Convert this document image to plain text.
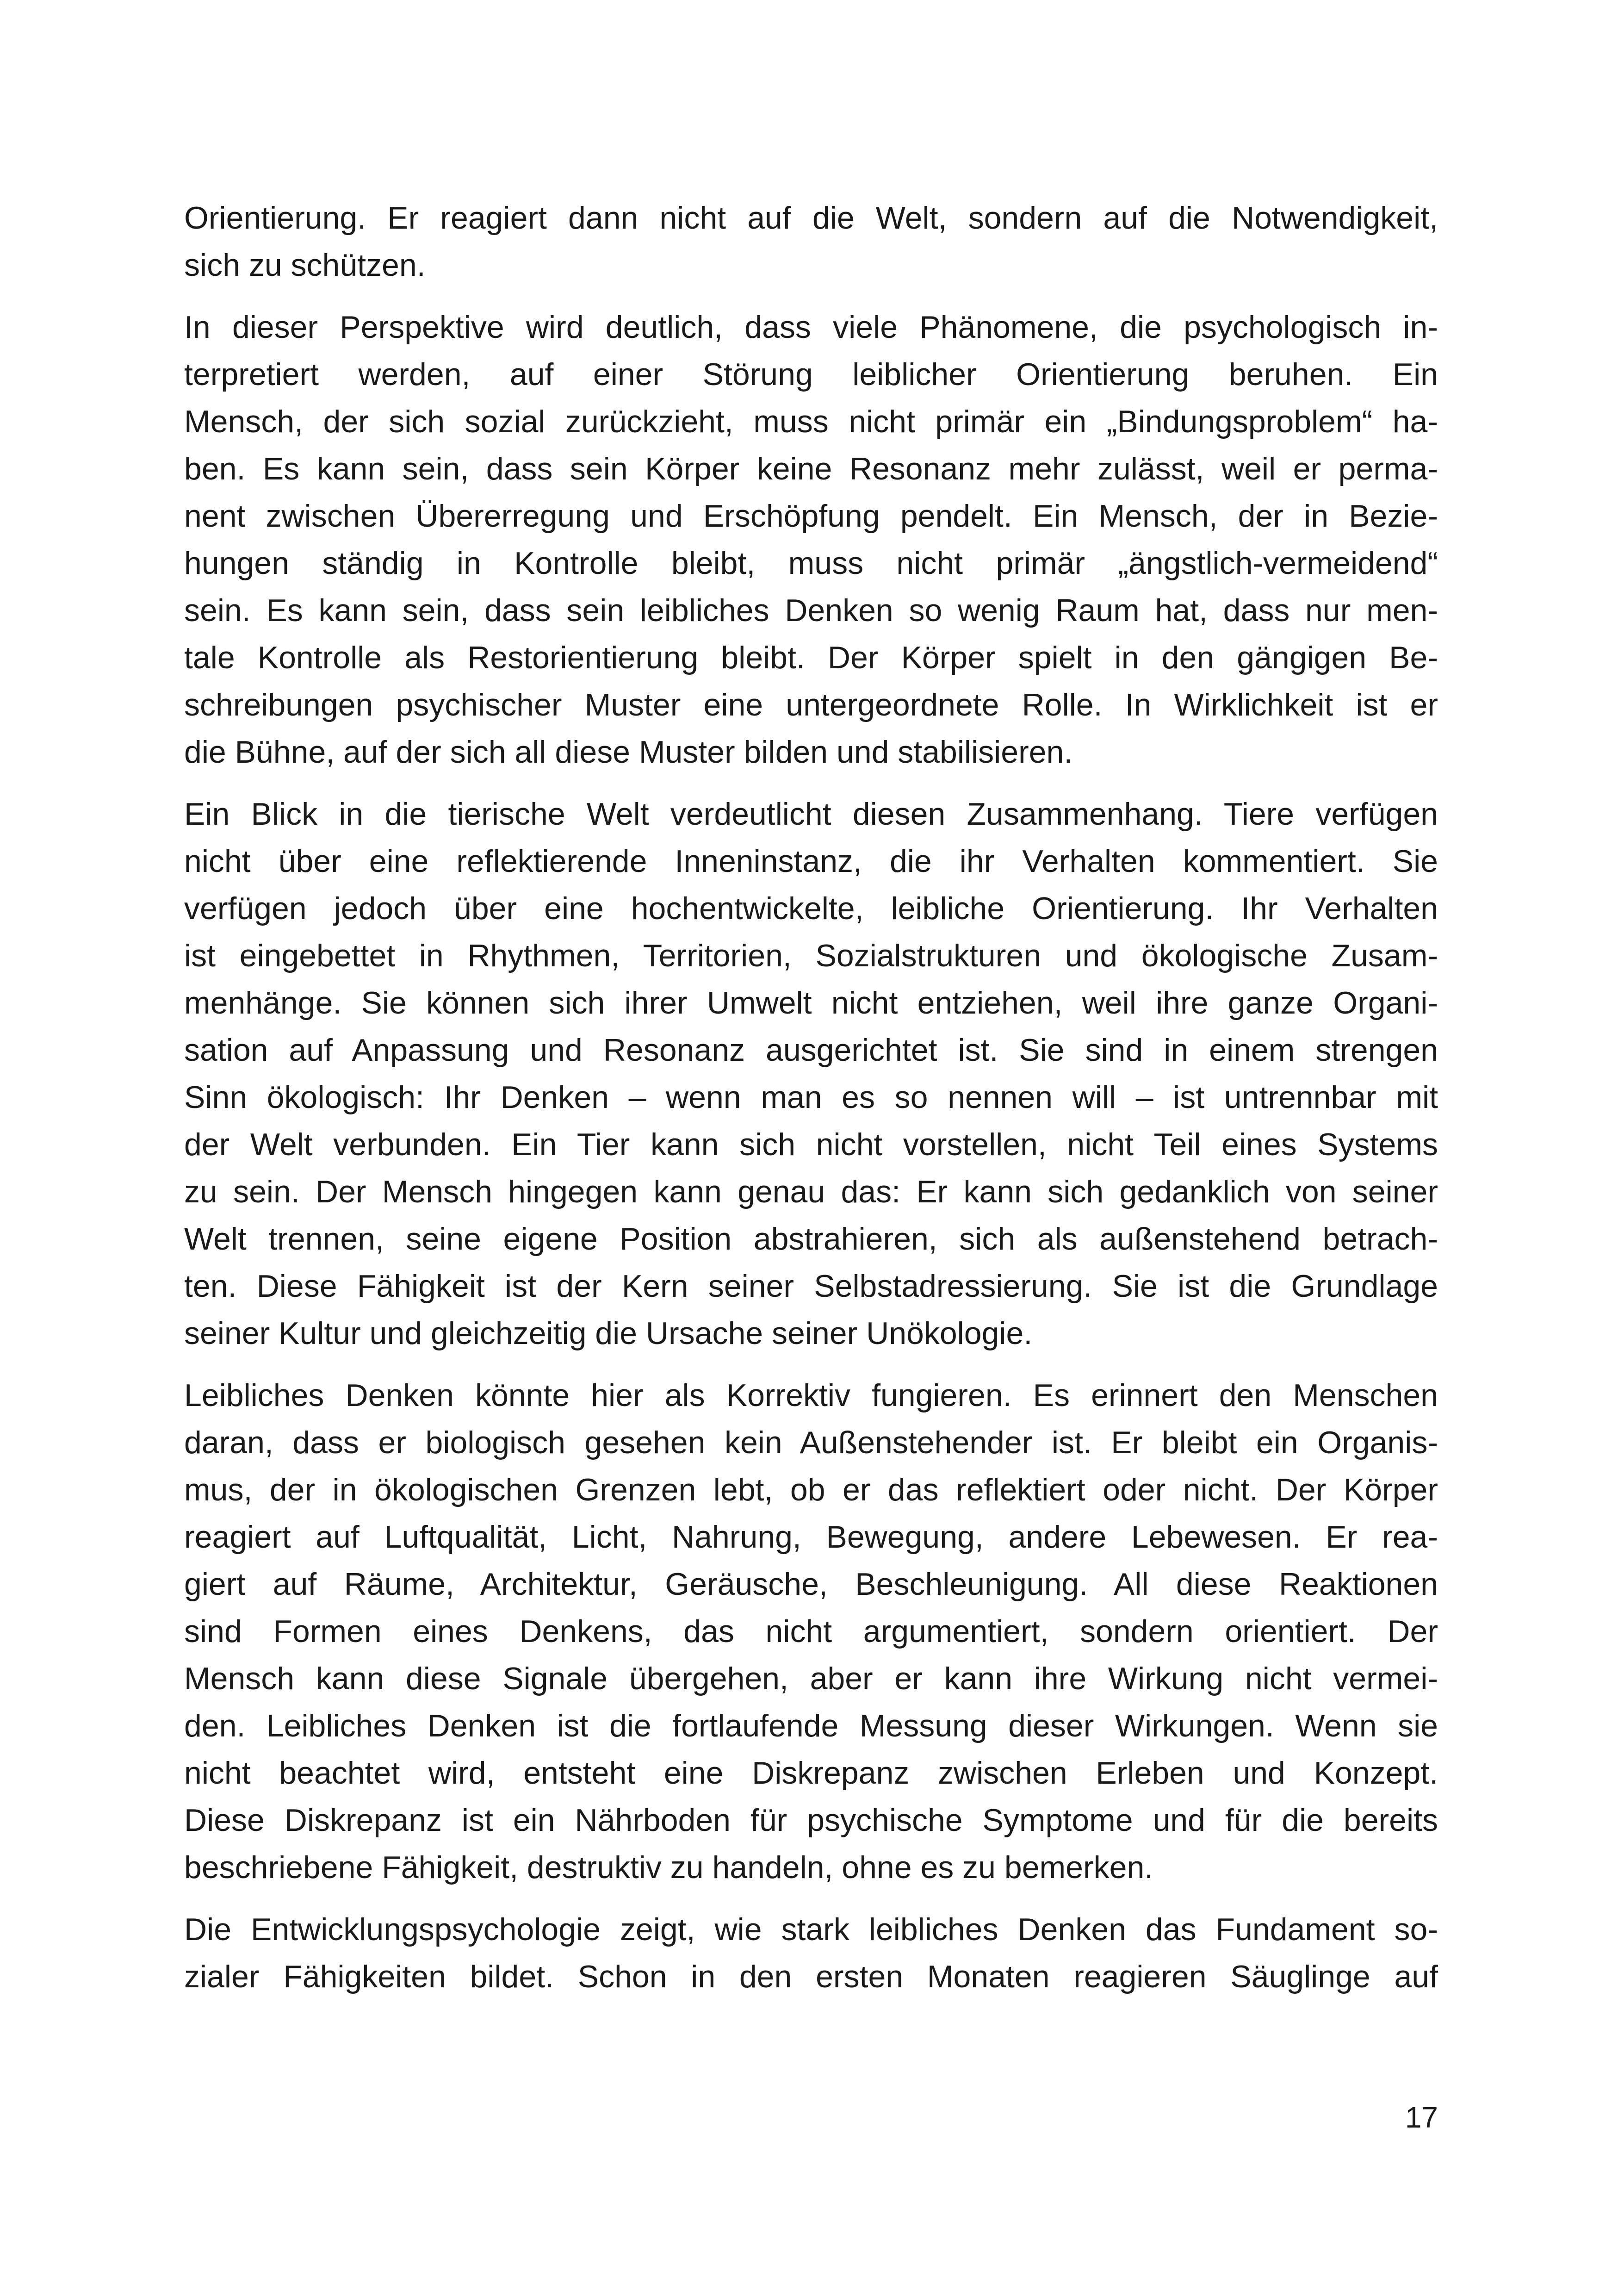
Orientierung. Er reagiert dann nicht auf die Welt, sondern auf die Notwendigkeit,
sich zu schützen.
In dieser Perspektive wird deutlich, dass viele Phänomene, die psychologisch in-
terpretiert werden, auf einer Störung leiblicher Orientierung beruhen. Ein
Mensch, der sich sozial zurückzieht, muss nicht primär ein „Bindungsproblem“ ha-
ben. Es kann sein, dass sein Körper keine Resonanz mehr zulässt, weil er perma-
nent zwischen Übererregung und Erschöpfung pendelt. Ein Mensch, der in Bezie-
hungen ständig in Kontrolle bleibt, muss nicht primär „ängstlich-vermeidend“
sein. Es kann sein, dass sein leibliches Denken so wenig Raum hat, dass nur men-
tale Kontrolle als Restorientierung bleibt. Der Körper spielt in den gängigen Be-
schreibungen psychischer Muster eine untergeordnete Rolle. In Wirklichkeit ist er
die Bühne, auf der sich all diese Muster bilden und stabilisieren.
Ein Blick in die tierische Welt verdeutlicht diesen Zusammenhang. Tiere verfügen
nicht über eine reflektierende Inneninstanz, die ihr Verhalten kommentiert. Sie
verfügen jedoch über eine hochentwickelte, leibliche Orientierung. Ihr Verhalten
ist eingebettet in Rhythmen, Territorien, Sozialstrukturen und ökologische Zusam-
menhänge. Sie können sich ihrer Umwelt nicht entziehen, weil ihre ganze Organi-
sation auf Anpassung und Resonanz ausgerichtet ist. Sie sind in einem strengen
Sinn ökologisch: Ihr Denken – wenn man es so nennen will – ist untrennbar mit
der Welt verbunden. Ein Tier kann sich nicht vorstellen, nicht Teil eines Systems
zu sein. Der Mensch hingegen kann genau das: Er kann sich gedanklich von seiner
Welt trennen, seine eigene Position abstrahieren, sich als außenstehend betrach-
ten. Diese Fähigkeit ist der Kern seiner Selbstadressierung. Sie ist die Grundlage
seiner Kultur und gleichzeitig die Ursache seiner Unökologie.
Leibliches Denken könnte hier als Korrektiv fungieren. Es erinnert den Menschen
daran, dass er biologisch gesehen kein Außenstehender ist. Er bleibt ein Organis-
mus, der in ökologischen Grenzen lebt, ob er das reflektiert oder nicht. Der Körper
reagiert auf Luftqualität, Licht, Nahrung, Bewegung, andere Lebewesen. Er rea-
giert auf Räume, Architektur, Geräusche, Beschleunigung. All diese Reaktionen
sind Formen eines Denkens, das nicht argumentiert, sondern orientiert. Der
Mensch kann diese Signale übergehen, aber er kann ihre Wirkung nicht vermei-
den. Leibliches Denken ist die fortlaufende Messung dieser Wirkungen. Wenn sie
nicht beachtet wird, entsteht eine Diskrepanz zwischen Erleben und Konzept.
Diese Diskrepanz ist ein Nährboden für psychische Symptome und für die bereits
beschriebene Fähigkeit, destruktiv zu handeln, ohne es zu bemerken.
Die Entwicklungspsychologie zeigt, wie stark leibliches Denken das Fundament so-
zialer Fähigkeiten bildet. Schon in den ersten Monaten reagieren Säuglinge auf
17
